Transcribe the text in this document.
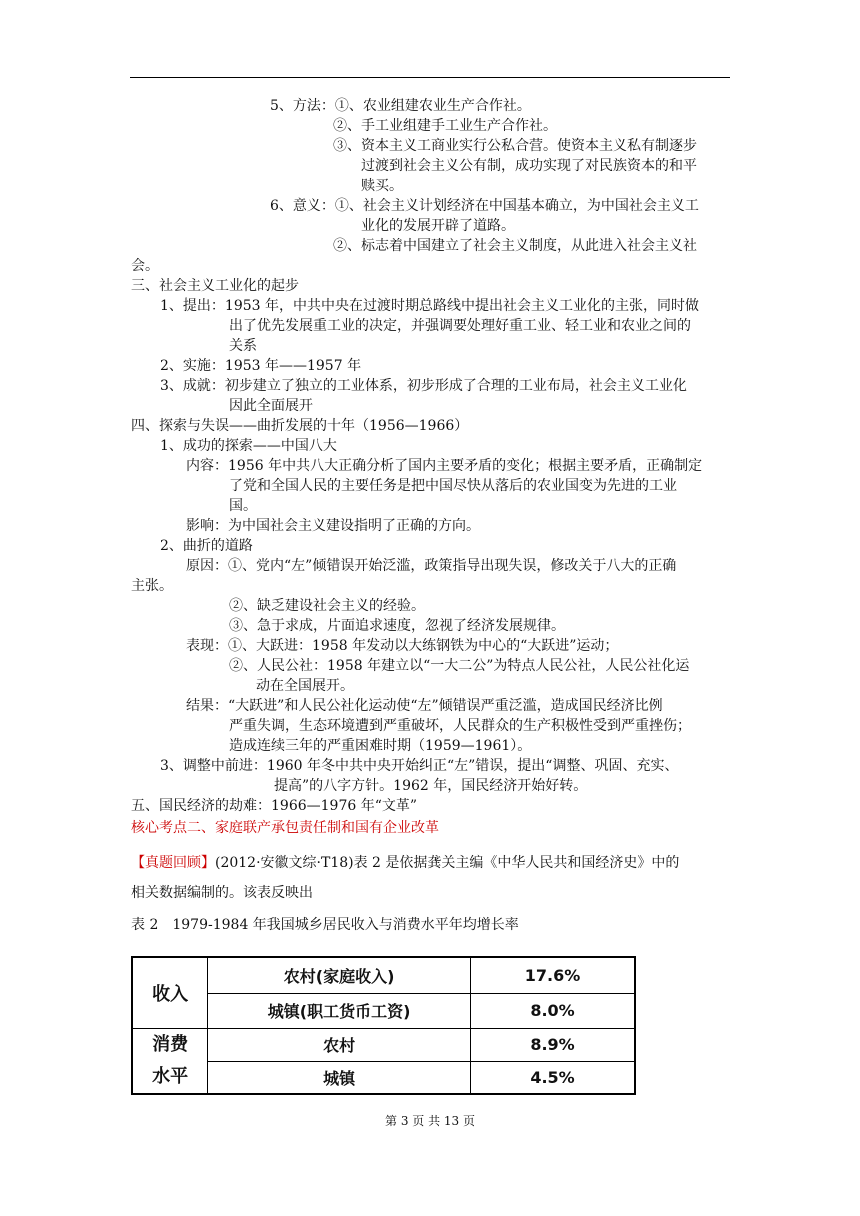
5、方法：①、农业组建农业生产合作社。
②、手工业组建手工业生产合作社。
③、资本主义工商业实行公私合营。使资本主义私有制逐步
过渡到社会主义公有制，成功实现了对民族资本的和平
赎买。
6、意义：①、社会主义计划经济在中国基本确立，为中国社会主义工
业化的发展开辟了道路。
②、标志着中国建立了社会主义制度，从此进入社会主义社
会。
三、社会主义工业化的起步
1、提出：1953 年，中共中央在过渡时期总路线中提出社会主义工业化的主张，同时做
出了优先发展重工业的决定，并强调要处理好重工业、轻工业和农业之间的
关系
2、实施：1953 年——1957 年
3、成就：初步建立了独立的工业体系，初步形成了合理的工业布局，社会主义工业化
因此全面展开
四、探索与失误——曲折发展的十年（1956—1966）
1、成功的探索——中国八大
内容：1956 年中共八大正确分析了国内主要矛盾的变化；根据主要矛盾，正确制定
了党和全国人民的主要任务是把中国尽快从落后的农业国变为先进的工业
国。
影响：为中国社会主义建设指明了正确的方向。
2、曲折的道路
原因：①、党内“左”倾错误开始泛滥，政策指导出现失误，修改关于八大的正确
主张。
②、缺乏建设社会主义的经验。
③、急于求成，片面追求速度，忽视了经济发展规律。
表现：①、大跃进：1958 年发动以大练钢铁为中心的“大跃进”运动；
②、人民公社：1958 年建立以“一大二公”为特点人民公社，人民公社化运
动在全国展开。
结果：“大跃进”和人民公社化运动使“左”倾错误严重泛滥，造成国民经济比例
严重失调，生态环境遭到严重破坏，人民群众的生产积极性受到严重挫伤；
造成连续三年的严重困难时期（1959—1961）。
3、调整中前进：1960 年冬中共中央开始纠正“左”错误，提出“调整、巩固、充实、
提高”的八字方针。1962 年，国民经济开始好转。
五、国民经济的劫难：1966—1976 年“文革”
核心考点二、家庭联产承包责任制和国有企业改革
【真题回顾】(2012·安徽文综·T18)表 2 是依据龚关主编《中华人民共和国经济史》中的
相关数据编制的。该表反映出
表 2　1979-1984 年我国城乡居民收入与消费水平年均增长率
收入	农村(家庭收入)	17.6%
	城镇(职工货币工资)	8.0%
消费
水平	农村	8.9%
	城镇	4.5%
第 3 页 共 13 页
